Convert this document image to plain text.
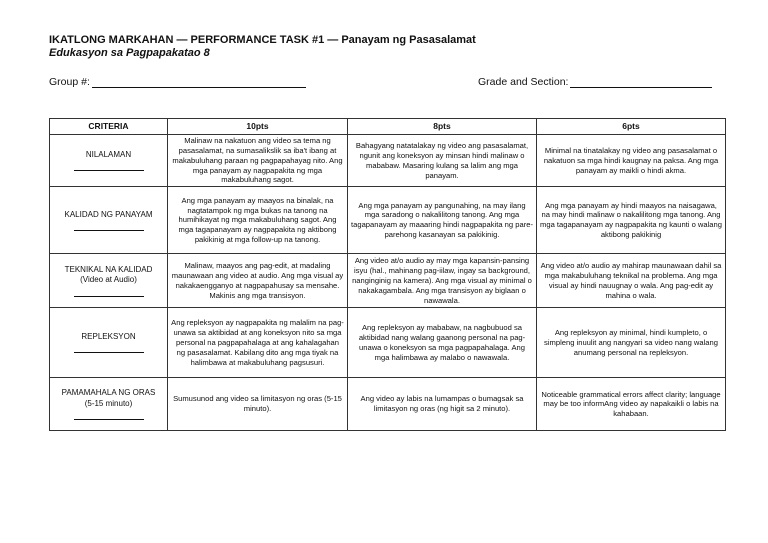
IKATLONG MARKAHAN — PERFORMANCE TASK #1 — Panayam ng Pasasalamat
Edukasyon sa Pagpapakatao 8
Group #:	Grade and Section:
CRITERIA	10pts	8pts	6pts

NILALAMAN	Malinaw na nakatuon ang video sa tema ng pasasalamat, na sumasalikslik sa iba't ibang at makabuluhang paraan ng pagpapahayag nito. Ang mga panayam ay nagpapakita ng mga makabuluhang sagot.	Bahagyang natatalakay ng video ang pasasalamat, ngunit ang koneksyon ay minsan hindi malinaw o mababaw. Masaring kulang sa lalim ang mga panayam.	Minimal na tinatalakay ng video ang pasasalamat o nakatuon sa mga hindi kaugnay na paksa. Ang mga panayam ay maikli o hindi akma.

KALIDAD NG PANAYAM	Ang mga panayam ay maayos na binalak, na nagtatampok ng mga bukas na tanong na humihikayat ng mga makabuluhang sagot. Ang mga tagapanayam ay nagpapakita ng aktibong pakikinig at mga follow-up na tanong.	Ang mga panayam ay pangunahing, na may ilang mga saradong o nakalilitong tanong. Ang mga tagapanayam ay maaaring hindi nagpapakita ng pare-parehong kasanayan sa pakikinig.	Ang mga panayam ay hindi maayos na naisagawa, na may hindi malinaw o nakalilitong mga tanong. Ang mga tagapanayam ay nagpapakita ng kaunti o walang aktibong pakikinig

TEKNIKAL NA KALIDAD
(Video at Audio)	Malinaw, maayos ang pag-edit, at madaling maunawaan ang video at audio. Ang mga visual ay nakakaengganyo at nagpapahusay sa mensahe. Makinis ang mga transisyon.	Ang video at/o audio ay may mga kapansin-pansing isyu (hal., mahinang pag-iilaw, ingay sa background, nanginginig na kamera). Ang mga visual ay minimal o nakakagambala. Ang mga transisyon ay biglaan o nawawala.	Ang video at/o audio ay mahirap maunawaan dahil sa mga makabuluhang teknikal na problema. Ang mga visual ay hindi nauugnay o wala. Ang pag-edit ay mahina o wala.

REPLEKSYON	Ang repleksyon ay nagpapakita ng malalim na pag-unawa sa aktibidad at ang koneksyon nito sa mga personal na pagpapahalaga at ang kahalagahan ng pasasalamat. Kabilang dito ang mga tiyak na halimbawa at makabuluhang pagsusuri.	Ang repleksyon ay mababaw, na nagbubuod sa aktibidad nang walang gaanong personal na pag-unawa o koneksyon sa mga pagpapahalaga. Ang mga halimbawa ay malabo o nawawala.	Ang repleksyon ay minimal, hindi kumpleto, o simpleng inuulit ang nangyari sa video nang walang anumang personal na repleksyon.

PAMAMAHALA NG ORAS
(5-15 minuto)	Sumusunod ang video sa limitasyon ng oras (5-15 minuto).	Ang video ay labis na lumampas o bumagsak sa limitasyon ng oras (ng higit sa 2 minuto).	Noticeable grammatical errors affect clarity; language may be too informAng video ay napakaikli o labis na kahabaan.
